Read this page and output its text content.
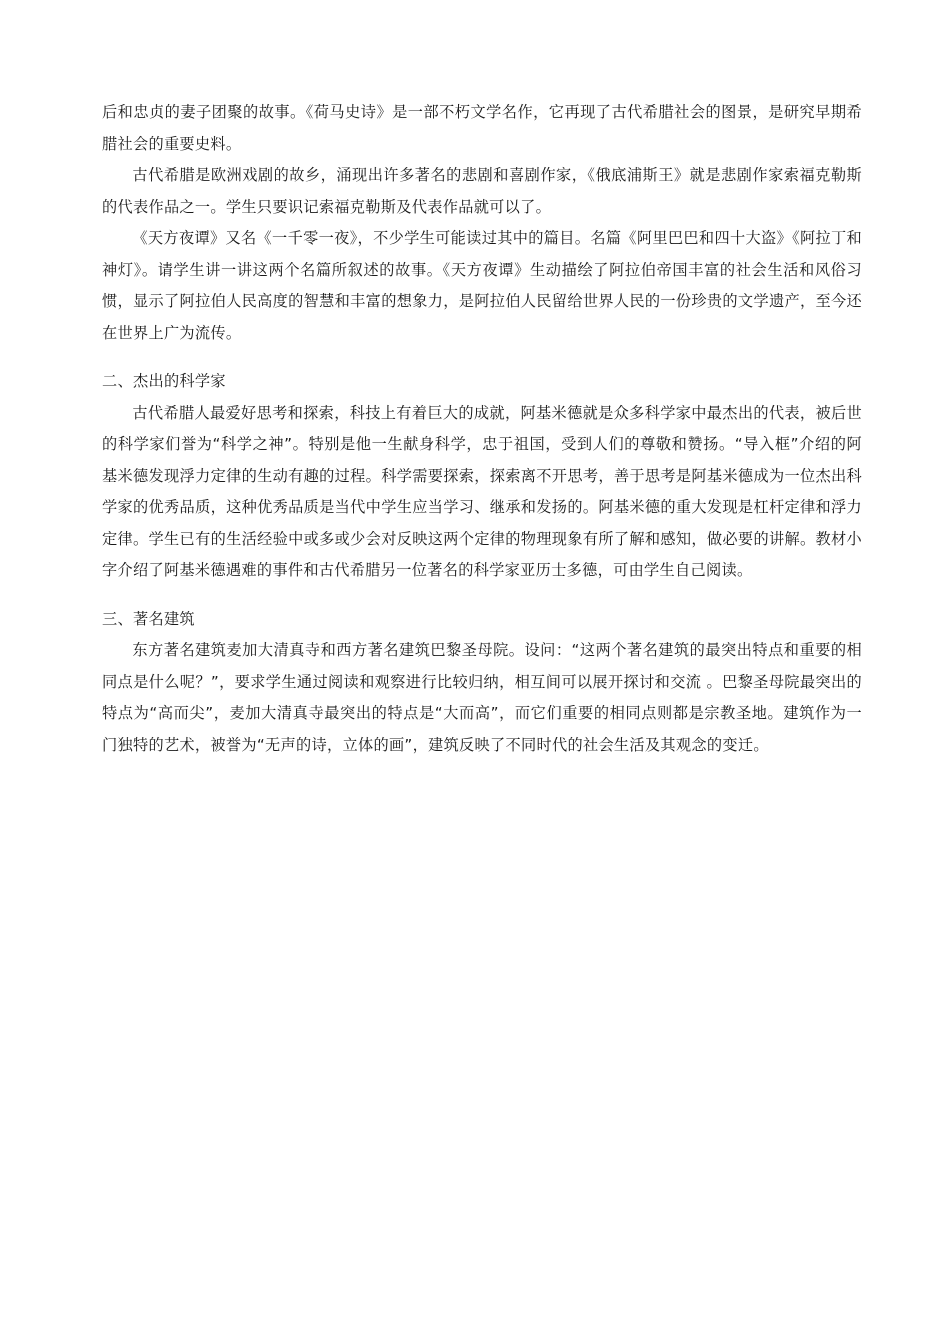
后和忠贞的妻子团聚的故事。《荷马史诗》是一部不朽文学名作，它再现了古代希腊社会的图景，是研究早期希腊社会的重要史料。

古代希腊是欧洲戏剧的故乡，涌现出许多著名的悲剧和喜剧作家，《俄底浦斯王》就是悲剧作家索福克勒斯的代表作品之一。学生只要识记索福克勒斯及代表作品就可以了。

《天方夜谭》又名《一千零一夜》，不少学生可能读过其中的篇目。名篇《阿里巴巴和四十大盗》《阿拉丁和神灯》。请学生讲一讲这两个名篇所叙述的故事。《天方夜谭》生动描绘了阿拉伯帝国丰富的社会生活和风俗习惯，显示了阿拉伯人民高度的智慧和丰富的想象力，是阿拉伯人民留给世界人民的一份珍贵的文学遗产，至今还在世界上广为流传。

二、杰出的科学家

古代希腊人最爱好思考和探索，科技上有着巨大的成就，阿基米德就是众多科学家中最杰出的代表，被后世的科学家们誉为“科学之神”。特别是他一生献身科学，忠于祖国，受到人们的尊敬和赞扬。“导入框”介绍的阿基米德发现浮力定律的生动有趣的过程。科学需要探索，探索离不开思考，善于思考是阿基米德成为一位杰出科学家的优秀品质，这种优秀品质是当代中学生应当学习、继承和发扬的。阿基米德的重大发现是杠杆定律和浮力定律。学生已有的生活经验中或多或少会对反映这两个定律的物理现象有所了解和感知，做必要的讲解。教材小字介绍了阿基米德遇难的事件和古代希腊另一位著名的科学家亚历士多德，可由学生自己阅读。

三、著名建筑

东方著名建筑麦加大清真寺和西方著名建筑巴黎圣母院。设问：“这两个著名建筑的最突出特点和重要的相同点是什么呢？”，要求学生通过阅读和观察进行比较归纳，相互间可以展开探讨和交流 。巴黎圣母院最突出的特点为“高而尖”，麦加大清真寺最突出的特点是“大而高”，而它们重要的相同点则都是宗教圣地。建筑作为一门独特的艺术，被誉为“无声的诗，立体的画”，建筑反映了不同时代的社会生活及其观念的变迁。
